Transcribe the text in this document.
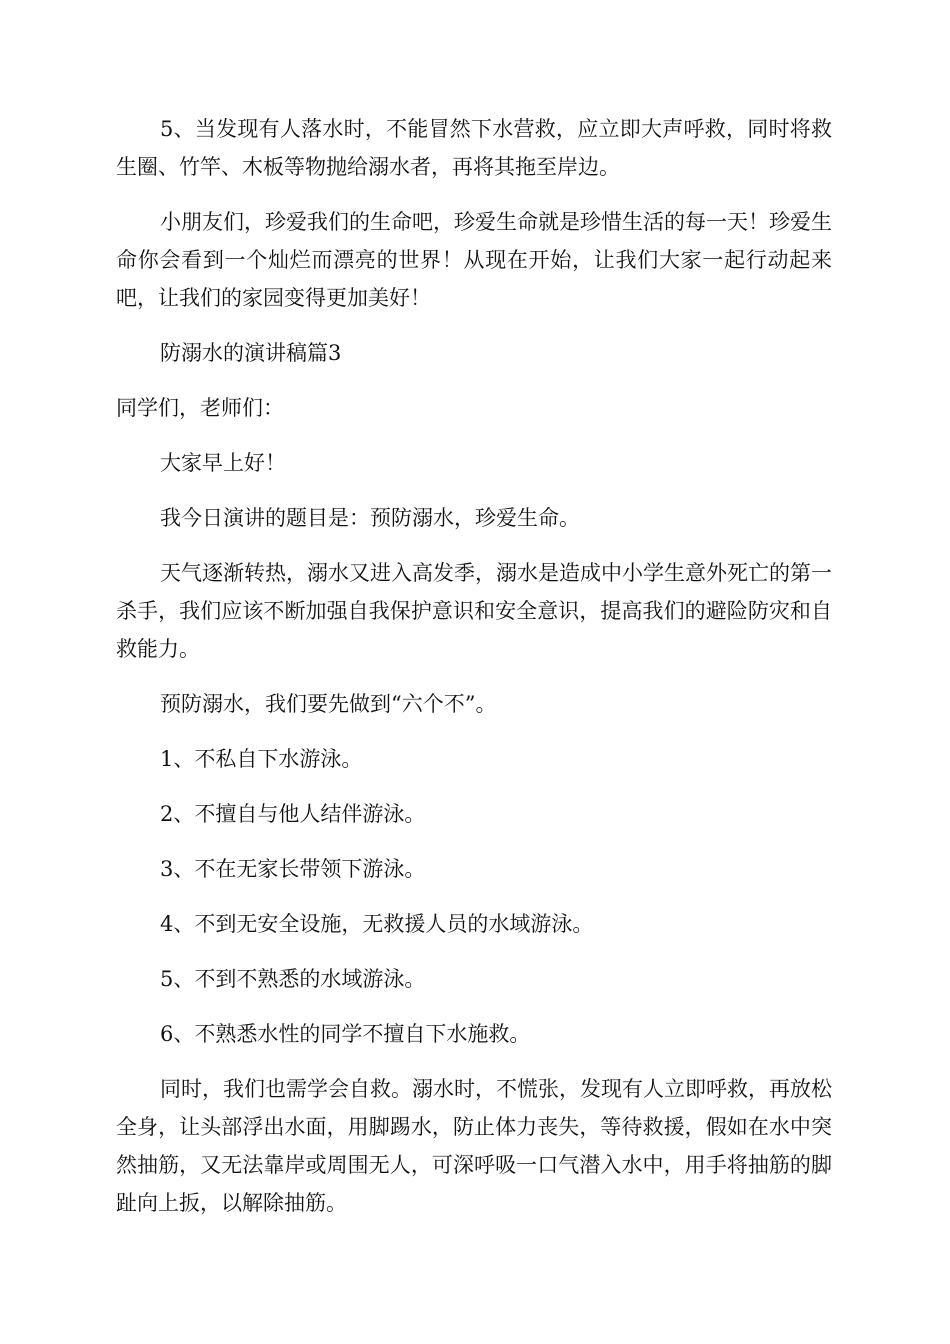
5、当发现有人落水时，不能冒然下水营救，应立即大声呼救，同时将救生圈、竹竿、木板等物抛给溺水者，再将其拖至岸边。

小朋友们，珍爱我们的生命吧，珍爱生命就是珍惜生活的每一天！珍爱生命你会看到一个灿烂而漂亮的世界！从现在开始，让我们大家一起行动起来吧，让我们的家园变得更加美好！

防溺水的演讲稿篇3

同学们，老师们：

大家早上好！

我今日演讲的题目是：预防溺水，珍爱生命。

天气逐渐转热，溺水又进入高发季，溺水是造成中小学生意外死亡的第一杀手，我们应该不断加强自我保护意识和安全意识，提高我们的避险防灾和自救能力。

预防溺水，我们要先做到“六个不”。

1、不私自下水游泳。

2、不擅自与他人结伴游泳。

3、不在无家长带领下游泳。

4、不到无安全设施，无救援人员的水域游泳。

5、不到不熟悉的水域游泳。

6、不熟悉水性的同学不擅自下水施救。

同时，我们也需学会自救。溺水时，不慌张，发现有人立即呼救，再放松全身，让头部浮出水面，用脚踢水，防止体力丧失，等待救援，假如在水中突然抽筋，又无法靠岸或周围无人，可深呼吸一口气潜入水中，用手将抽筋的脚趾向上扳，以解除抽筋。
